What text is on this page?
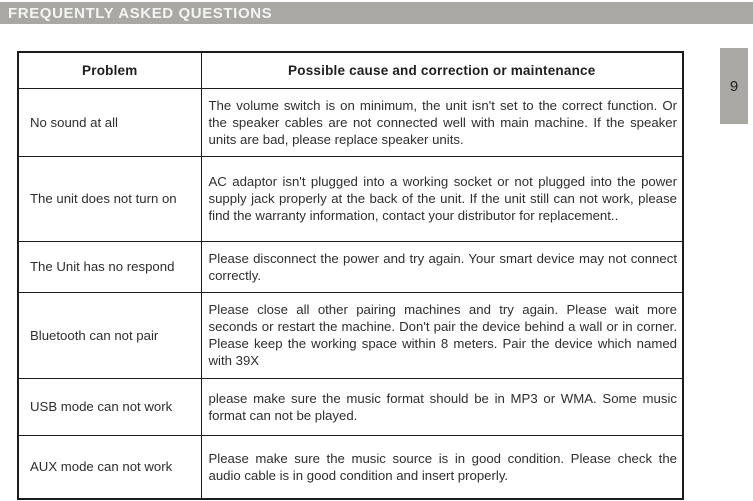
FREQUENTLY ASKED QUESTIONS
9
Problem	Possible cause and correction or maintenance
No sound at all	The volume switch is on minimum, the unit isn't set to the correct function. Or the speaker cables are not connected well with main machine. If the speaker units are bad, please replace speaker units.
The unit does not turn on	AC adaptor isn't plugged into a working socket or not plugged into the power supply jack properly at the back of the unit. If the unit still can not work, please find the warranty information, contact your distributor for replacement..
The Unit has no respond	Please disconnect the power and try again. Your smart device may not connect correctly.
Bluetooth can not pair	Please close all other pairing machines and try again. Please wait more seconds or restart the machine. Don't pair the device behind a wall or in corner. Please keep the working space within 8 meters. Pair the device which named with 39X
USB mode can not work	please make sure the music format should be in MP3 or WMA. Some music format can not be played.
AUX mode can not work	Please make sure the music source is in good condition. Please check the audio cable is in good condition and insert properly.
